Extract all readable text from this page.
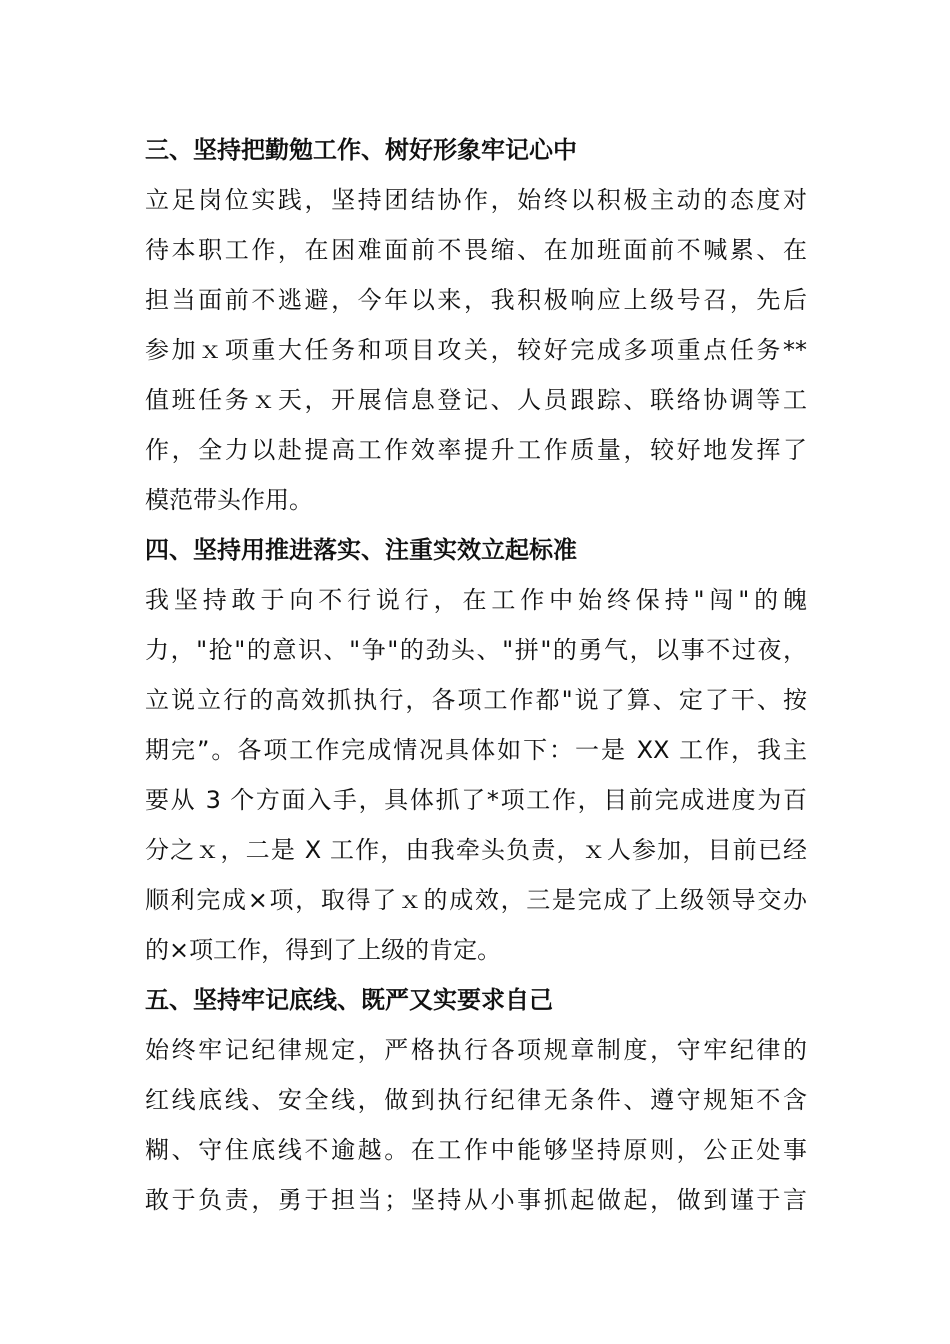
三、坚持把勤勉工作、树好形象牢记心中
立足岗位实践，坚持团结协作，始终以积极主动的态度对
待本职工作，在困难面前不畏缩、在加班面前不喊累、在
担当面前不逃避，今年以来，我积极响应上级号召，先后
参加ｘ项重大任务和项目攻关，较好完成多项重点任务**
值班任务ｘ天，开展信息登记、人员跟踪、联络协调等工
作，全力以赴提高工作效率提升工作质量，较好地发挥了
模范带头作用。
四、坚持用推进落实、注重实效立起标准
我坚持敢于向不行说行，在工作中始终保持"闯"的魄
力，"抢"的意识、"争"的劲头、"拼"的勇气，以事不过夜，
立说立行的高效抓执行，各项工作都"说了算、定了干、按
期完”。各项工作完成情况具体如下：一是 XX 工作，我主
要从 3 个方面入手，具体抓了*项工作，目前完成进度为百
分之ｘ，二是 X 工作，由我牵头负责，ｘ人参加，目前已经
顺利完成×项，取得了ｘ的成效，三是完成了上级领导交办
的×项工作，得到了上级的肯定。
五、坚持牢记底线、既严又实要求自己
始终牢记纪律规定，严格执行各项规章制度，守牢纪律的
红线底线、安全线，做到执行纪律无条件、遵守规矩不含
糊、守住底线不逾越。在工作中能够坚持原则，公正处事
敢于负责，勇于担当；坚持从小事抓起做起，做到谨于言
